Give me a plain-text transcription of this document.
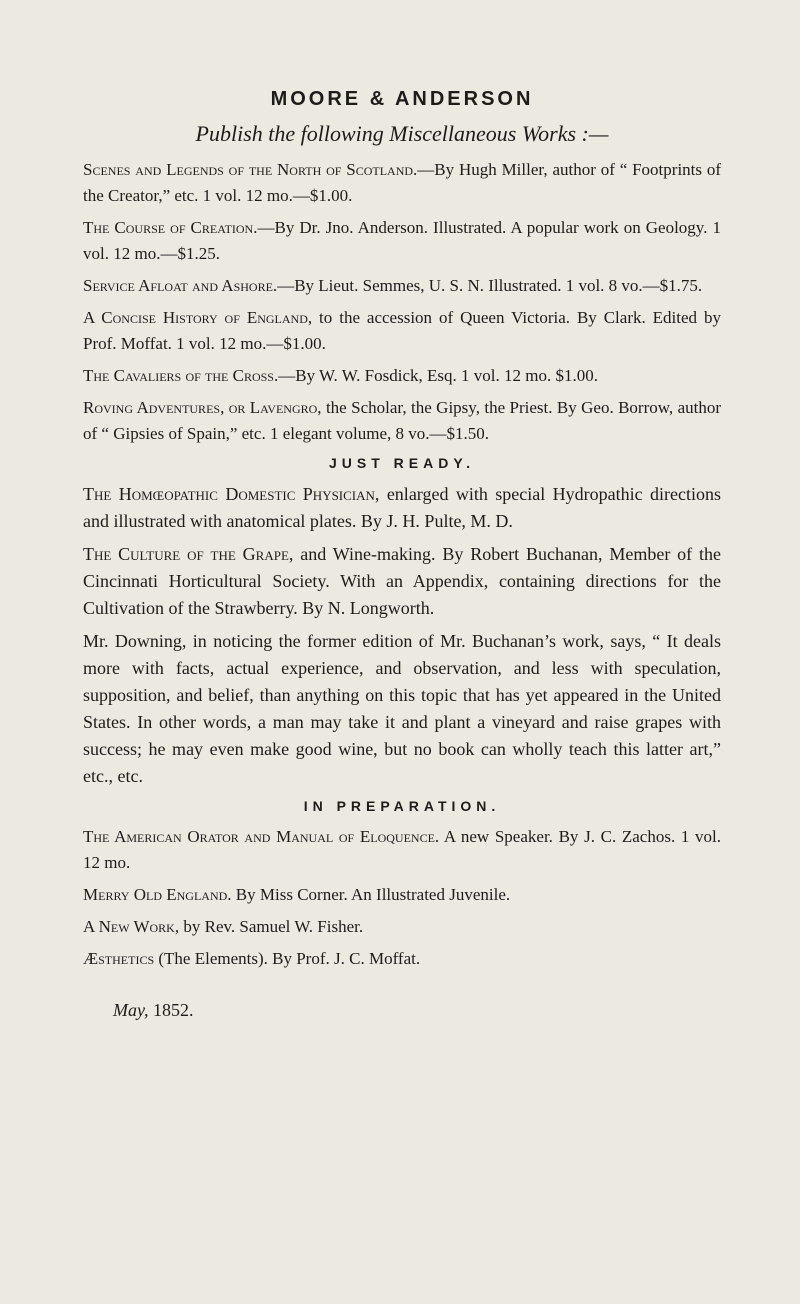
MOORE & ANDERSON
Publish the following Miscellaneous Works :—

Scenes and Legends of the North of Scotland.—By Hugh Miller, author of “ Footprints of the Creator,” etc. 1 vol. 12 mo.—$1.00.

The Course of Creation.—By Dr. Jno. Anderson. Illustrated. A popular work on Geology. 1 vol. 12 mo.—$1.25.

Service Afloat and Ashore.—By Lieut. Semmes, U. S. N. Illustrated. 1 vol. 8 vo.—$1.75.

A Concise History of England, to the accession of Queen Victoria. By Clark. Edited by Prof. Moffat. 1 vol. 12 mo.—$1.00.

The Cavaliers of the Cross.—By W. W. Fosdick, Esq. 1 vol. 12 mo. $1.00.

Roving Adventures, or Lavengro, the Scholar, the Gipsy, the Priest. By Geo. Borrow, author of “ Gipsies of Spain,” etc. 1 elegant volume, 8 vo.—$1.50.

JUST READY.

The Homœopathic Domestic Physician, enlarged with special Hydropathic directions and illustrated with anatomical plates. By J. H. Pulte, M. D.

The Culture of the Grape, and Wine-making. By Robert Buchanan, Member of the Cincinnati Horticultural Society. With an Appendix, containing directions for the Cultivation of the Strawberry. By N. Longworth.

Mr. Downing, in noticing the former edition of Mr. Buchanan’s work, says, “ It deals more with facts, actual experience, and observation, and less with speculation, supposition, and belief, than anything on this topic that has yet appeared in the United States. In other words, a man may take it and plant a vineyard and raise grapes with success; he may even make good wine, but no book can wholly teach this latter art,” etc., etc.

IN PREPARATION.

The American Orator and Manual of Eloquence. A new Speaker. By J. C. Zachos. 1 vol. 12 mo.

Merry Old England. By Miss Corner. An Illustrated Juvenile.

A New Work, by Rev. Samuel W. Fisher.

Æsthetics (The Elements). By Prof. J. C. Moffat.

May, 1852.
